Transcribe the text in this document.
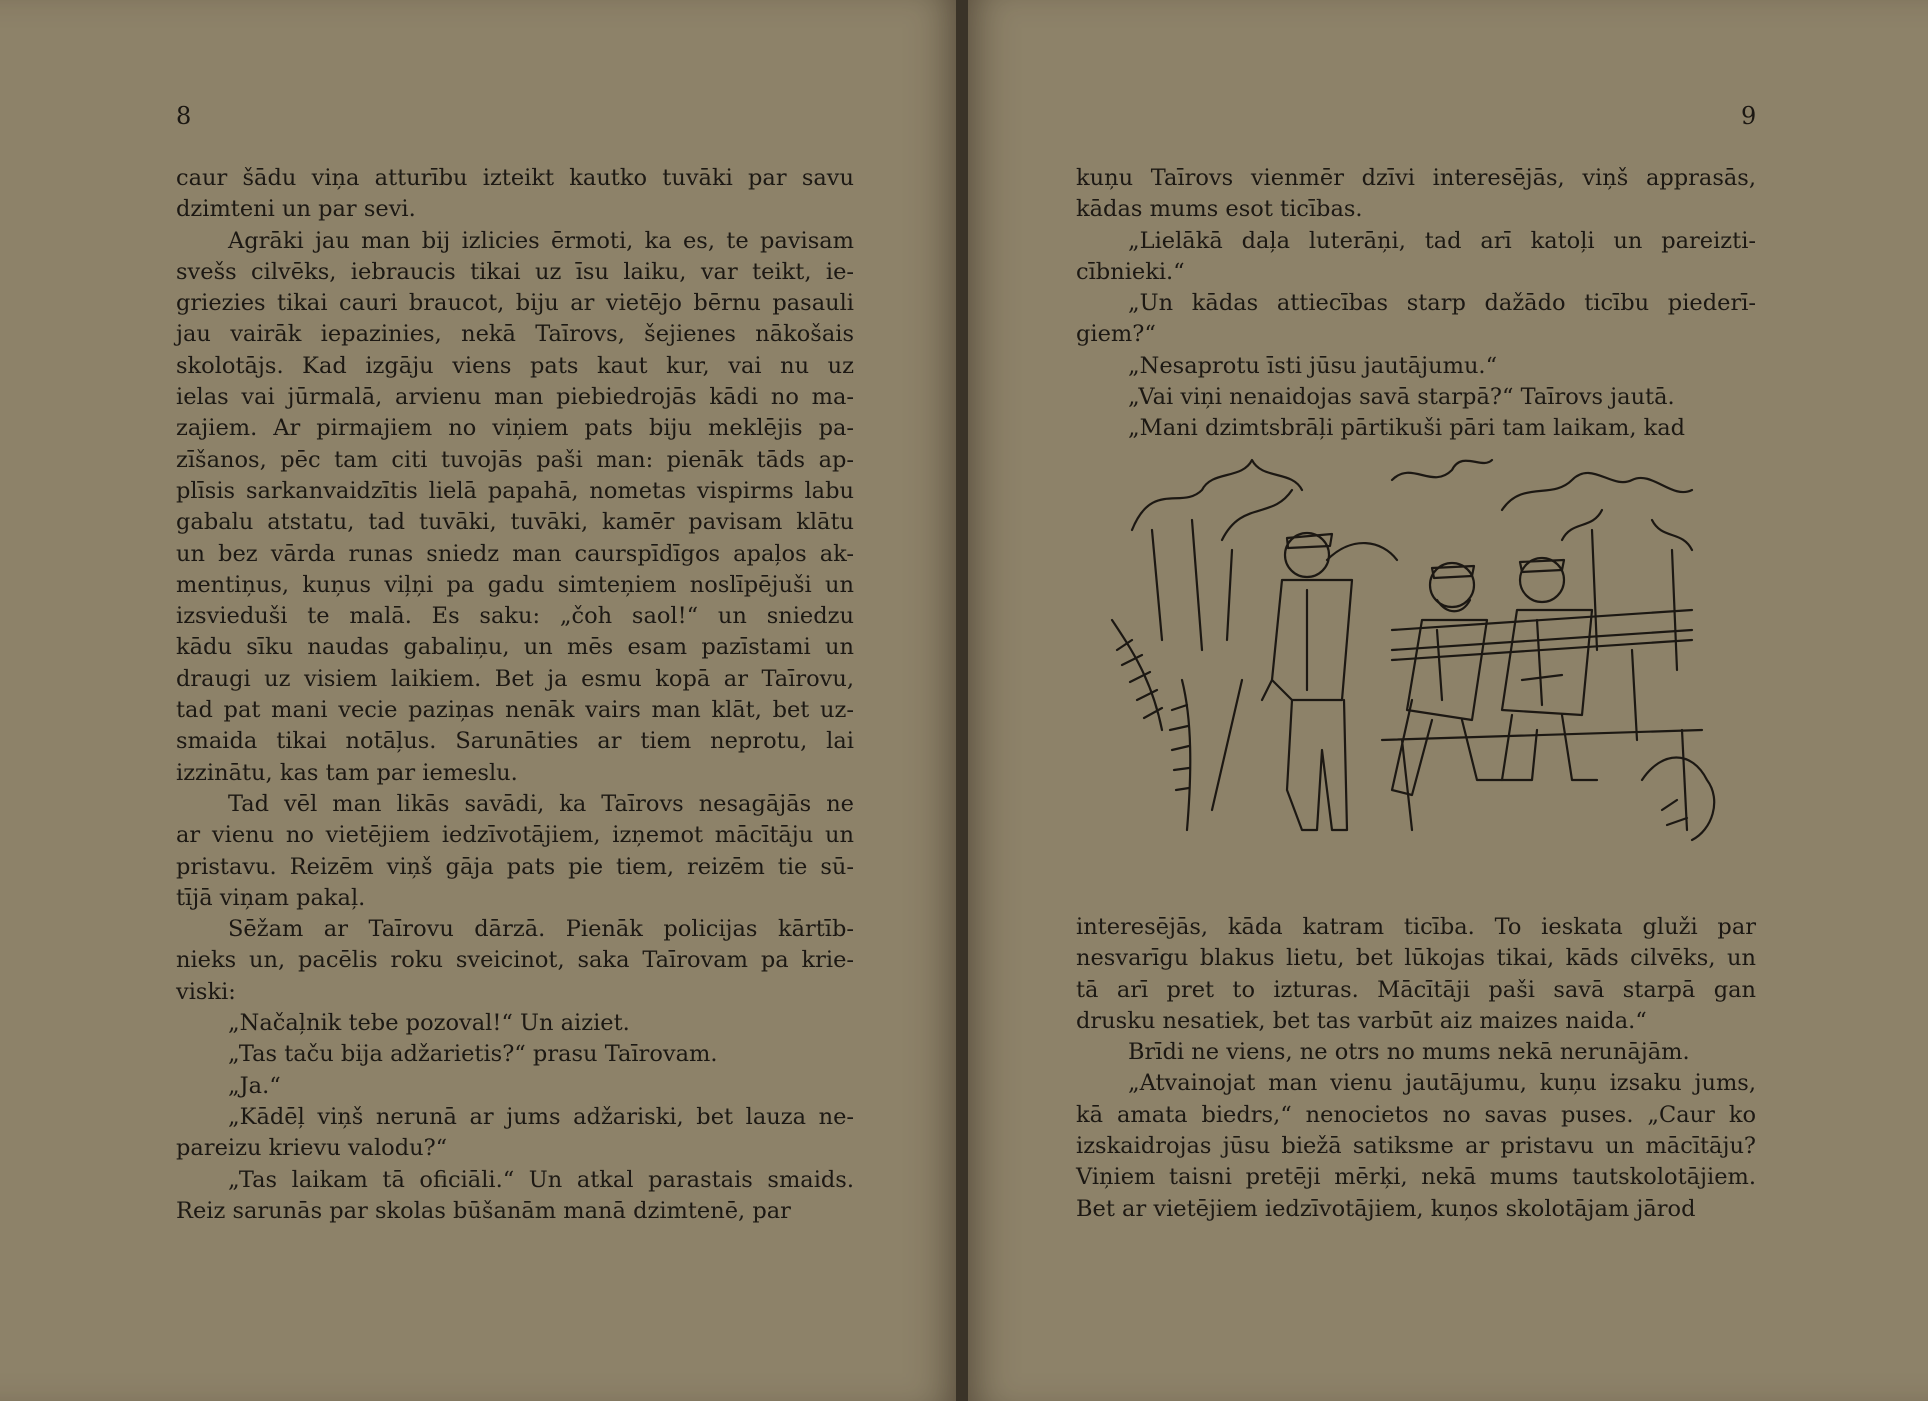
8	9
caur šādu viņa atturību izteikt kautko tuvāki par savu
dzimteni un par sevi.
Agrāki jau man bij izlicies ērmoti, ka es, te pavisam
svešs cilvēks, iebraucis tikai uz īsu laiku, var teikt, ie-
griezies tikai cauri braucot, biju ar vietējo bērnu pasauli
jau vairāk iepazinies, nekā Taīrovs, šejienes nākošais
skolotājs. Kad izgāju viens pats kaut kur, vai nu uz
ielas vai jūrmalā, arvienu man piebiedrojās kādi no ma-
zajiem. Ar pirmajiem no viņiem pats biju meklējis pa-
zīšanos, pēc tam citi tuvojās paši man: pienāk tāds ap-
plīsis sarkanvaidzītis lielā papahā, nometas vispirms labu
gabalu atstatu, tad tuvāki, tuvāki, kamēr pavisam klātu
un bez vārda runas sniedz man caurspīdīgos apaļos ak-
mentiņus, kuņus viļņi pa gadu simteņiem noslīpējuši un
izsvieduši te malā. Es saku: „čoh saol!“ un sniedzu
kādu sīku naudas gabaliņu, un mēs esam pazīstami un
draugi uz visiem laikiem. Bet ja esmu kopā ar Taīrovu,
tad pat mani vecie paziņas nenāk vairs man klāt, bet uz-
smaida tikai notāļus. Sarunāties ar tiem neprotu, lai
izzinātu, kas tam par iemeslu.
Tad vēl man likās savādi, ka Taīrovs nesagājās ne
ar vienu no vietējiem iedzīvotājiem, izņemot mācītāju un
pristavu. Reizēm viņš gāja pats pie tiem, reizēm tie sū-
tījā viņam pakaļ.
Sēžam ar Taīrovu dārzā. Pienāk policijas kārtīb-
nieks un, pacēlis roku sveicinot, saka Taīrovam pa krie-
viski:
„Načaļnik tebe pozoval!“ Un aiziet.
„Tas taču bija adžarietis?“ prasu Taīrovam.
„Ja.“
„Kādēļ viņš nerunā ar jums adžariski, bet lauza ne-
pareizu krievu valodu?“
„Tas laikam tā oficiāli.“ Un atkal parastais smaids.
Reiz sarunās par skolas būšanām manā dzimtenē, par
kuņu Taīrovs vienmēr dzīvi interesējās, viņš apprasās,
kādas mums esot ticības.
„Lielākā daļa luterāņi, tad arī katoļi un pareizti-
cībnieki.“
„Un kādas attiecības starp dažādo ticību piederī-
giem?“
„Nesaprotu īsti jūsu jautājumu.“
„Vai viņi nenaidojas savā starpā?“ Taīrovs jautā.
„Mani dzimtsbrāļi pārtikuši pāri tam laikam, kad
interesējās, kāda katram ticība. To ieskata gluži par
nesvarīgu blakus lietu, bet lūkojas tikai, kāds cilvēks, un
tā arī pret to izturas. Mācītāji paši savā starpā gan
drusku nesatiek, bet tas varbūt aiz maizes naida.“
Brīdi ne viens, ne otrs no mums nekā nerunājām.
„Atvainojat man vienu jautājumu, kuņu izsaku jums,
kā amata biedrs,“ nenocietos no savas puses. „Caur ko
izskaidrojas jūsu biežā satiksme ar pristavu un mācītāju?
Viņiem taisni pretēji mērķi, nekā mums tautskolotājiem.
Bet ar vietējiem iedzīvotājiem, kuņos skolotājam jārod
